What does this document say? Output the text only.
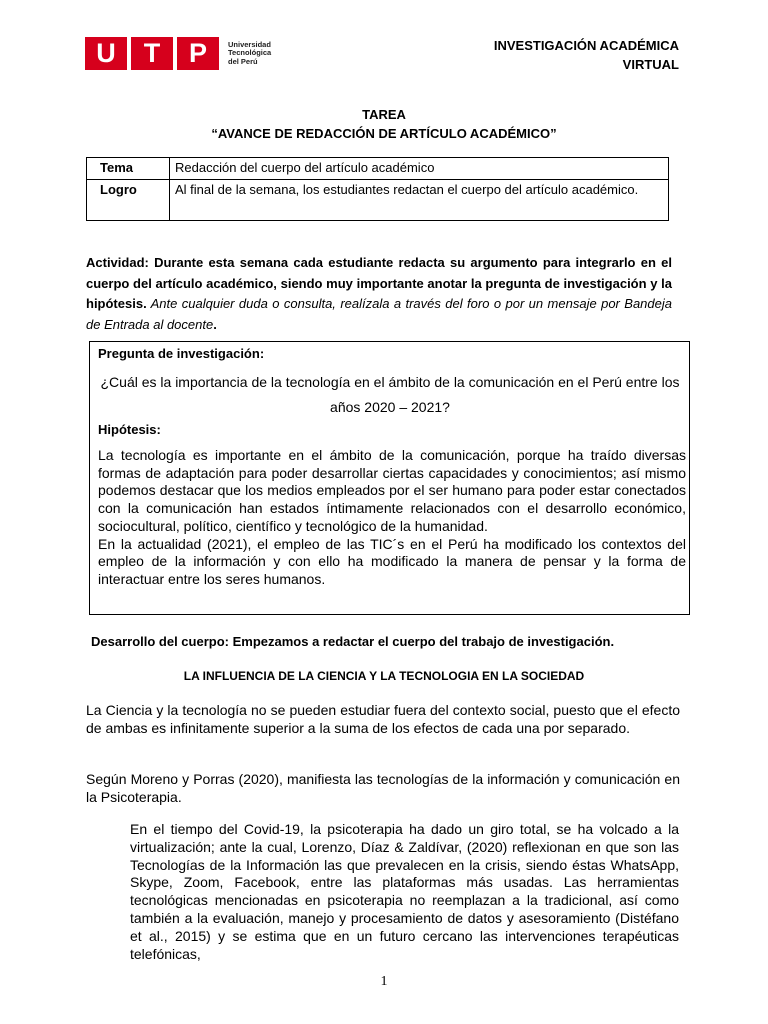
U	T	P	Universidad
Tecnológica
del Perú
INVESTIGACIÓN ACADÉMICA
VIRTUAL
TAREA
“AVANCE DE REDACCIÓN DE ARTÍCULO ACADÉMICO”
Tema	Redacción del cuerpo del artículo académico
Logro	Al final de la semana, los estudiantes redactan el cuerpo del artículo académico.
Actividad: Durante esta semana cada estudiante redacta su argumento para integrarlo en el cuerpo del artículo académico, siendo muy importante anotar la pregunta de investigación y la hipótesis. Ante cualquier duda o consulta, realízala a través del foro o por un mensaje por Bandeja de Entrada al docente.
Pregunta de investigación:
¿Cuál es la importancia de la tecnología en el ámbito de la comunicación en el Perú entre los años 2020 – 2021?
Hipótesis:

La tecnología es importante en el ámbito de la comunicación, porque ha traído diversas formas de adaptación para poder desarrollar ciertas capacidades y conocimientos; así mismo podemos destacar que los medios empleados por el ser humano para poder estar conectados con la comunicación han estados íntimamente relacionados con el desarrollo económico, sociocultural, político, científico y tecnológico de la humanidad.

En la actualidad (2021), el empleo de las TIC´s en el Perú ha modificado los contextos del empleo de la información y con ello ha modificado la manera de pensar y la forma de interactuar entre los seres humanos.

Desarrollo del cuerpo: Empezamos a redactar el cuerpo del trabajo de investigación.
LA INFLUENCIA DE LA CIENCIA Y LA TECNOLOGIA EN LA SOCIEDAD
La Ciencia y la tecnología no se pueden estudiar fuera del contexto social, puesto que el efecto de ambas es infinitamente superior a la suma de los efectos de cada una por separado.
Según Moreno y Porras (2020), manifiesta las tecnologías de la información y comunicación en la Psicoterapia.
En el tiempo del Covid-19, la psicoterapia ha dado un giro total, se ha volcado a la virtualización; ante la cual, Lorenzo, Díaz & Zaldívar, (2020) reflexionan en que son las Tecnologías de la Información las que prevalecen en la crisis, siendo éstas WhatsApp, Skype, Zoom, Facebook, entre las plataformas más usadas. Las herramientas tecnológicas mencionadas en psicoterapia no reemplazan a la tradicional, así como también a la evaluación, manejo y procesamiento de datos y asesoramiento (Distéfano et al., 2015) y se estima que en un futuro cercano las intervenciones terapéuticas telefónicas,
1
